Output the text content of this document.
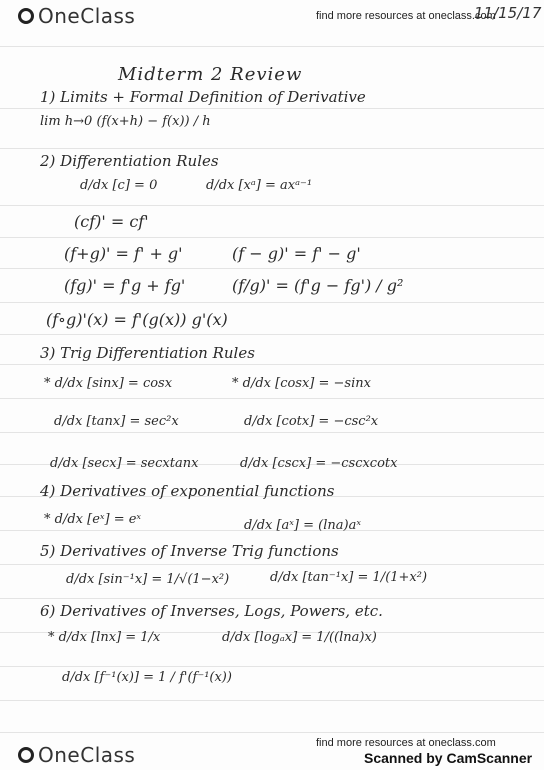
OneClass	find more resources at oneclass.com
11/15/17
Midterm 2 Review
1) Limits + Formal Definition of Derivative
lim h→0 (f(x+h) − f(x)) / h
2) Differentiation Rules
d/dx [c] = 0	d/dx [xᵃ] = axᵃ⁻¹
(cf)' = cf'
(f+g)' = f' + g'	(f − g)' = f' − g'
(fg)' = f'g + fg'	(f/g)' = (f'g − fg') / g²
(f∘g)'(x) = f'(g(x)) g'(x)
3) Trig Differentiation Rules
* d/dx [sinx] = cosx	* d/dx [cosx] = −sinx
d/dx [tanx] = sec²x	d/dx [cotx] = −csc²x
d/dx [secx] = secxtanx	d/dx [cscx] = −cscxcotx
4) Derivatives of exponential functions
* d/dx [eˣ] = eˣ	d/dx [aˣ] = (lna)aˣ
5) Derivatives of Inverse Trig functions
d/dx [sin⁻¹x] = 1/√(1−x²)	d/dx [tan⁻¹x] = 1/(1+x²)
6) Derivatives of Inverses, Logs, Powers, etc.
* d/dx [lnx] = 1/x	d/dx [logₐx] = 1/((lna)x)
d/dx [f⁻¹(x)] = 1 / f'(f⁻¹(x))
OneClass	find more resources at oneclass.com
Scanned by CamScanner
